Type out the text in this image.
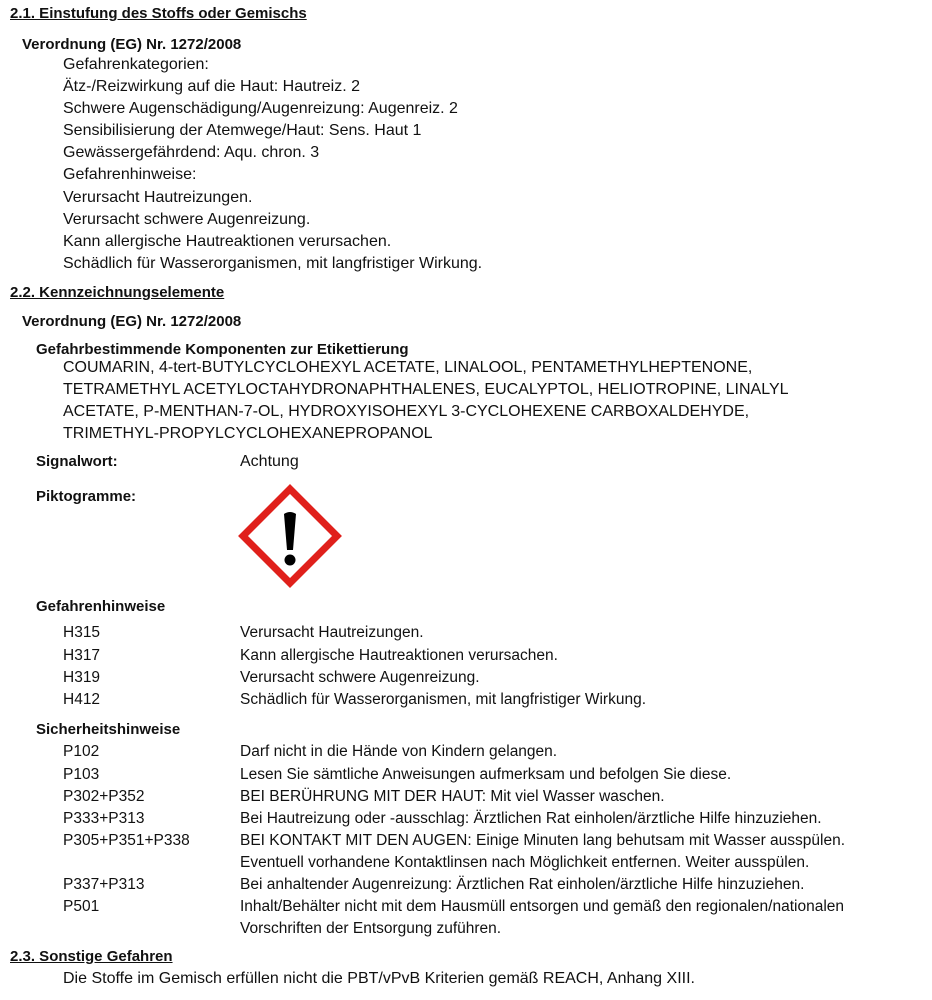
2.1. Einstufung des Stoffs oder Gemischs
Verordnung (EG) Nr. 1272/2008
Gefahrenkategorien:
Ätz-/Reizwirkung auf die Haut: Hautreiz. 2
Schwere Augenschädigung/Augenreizung: Augenreiz. 2
Sensibilisierung der Atemwege/Haut: Sens. Haut 1
Gewässergefährdend: Aqu. chron. 3
Gefahrenhinweise:
Verursacht Hautreizungen.
Verursacht schwere Augenreizung.
Kann allergische Hautreaktionen verursachen.
Schädlich für Wasserorganismen, mit langfristiger Wirkung.
2.2. Kennzeichnungselemente
Verordnung (EG) Nr. 1272/2008
Gefahrbestimmende Komponenten zur Etikettierung
COUMARIN, 4-tert-BUTYLCYCLOHEXYL ACETATE, LINALOOL, PENTAMETHYLHEPTENONE,
TETRAMETHYL ACETYLOCTAHYDRONAPHTHALENES, EUCALYPTOL, HELIOTROPINE, LINALYL
ACETATE, P-MENTHAN-7-OL, HYDROXYISOHEXYL 3-CYCLOHEXENE CARBOXALDEHYDE,
TRIMETHYL-PROPYLCYCLOHEXANEPROPANOL
Signalwort:	Achtung
Piktogramme:
Gefahrenhinweise
H315	Verursacht Hautreizungen.
H317	Kann allergische Hautreaktionen verursachen.
H319	Verursacht schwere Augenreizung.
H412	Schädlich für Wasserorganismen, mit langfristiger Wirkung.
Sicherheitshinweise
P102	Darf nicht in die Hände von Kindern gelangen.
P103	Lesen Sie sämtliche Anweisungen aufmerksam und befolgen Sie diese.
P302+P352	BEI BERÜHRUNG MIT DER HAUT: Mit viel Wasser waschen.
P333+P313	Bei Hautreizung oder -ausschlag: Ärztlichen Rat einholen/ärztliche Hilfe hinzuziehen.
P305+P351+P338	BEI KONTAKT MIT DEN AUGEN: Einige Minuten lang behutsam mit Wasser ausspülen.
Eventuell vorhandene Kontaktlinsen nach Möglichkeit entfernen. Weiter ausspülen.
P337+P313	Bei anhaltender Augenreizung: Ärztlichen Rat einholen/ärztliche Hilfe hinzuziehen.
P501	Inhalt/Behälter nicht mit dem Hausmüll entsorgen und gemäß den regionalen/nationalen
Vorschriften der Entsorgung zuführen.
2.3. Sonstige Gefahren
Die Stoffe im Gemisch erfüllen nicht die PBT/vPvB Kriterien gemäß REACH, Anhang XIII.
